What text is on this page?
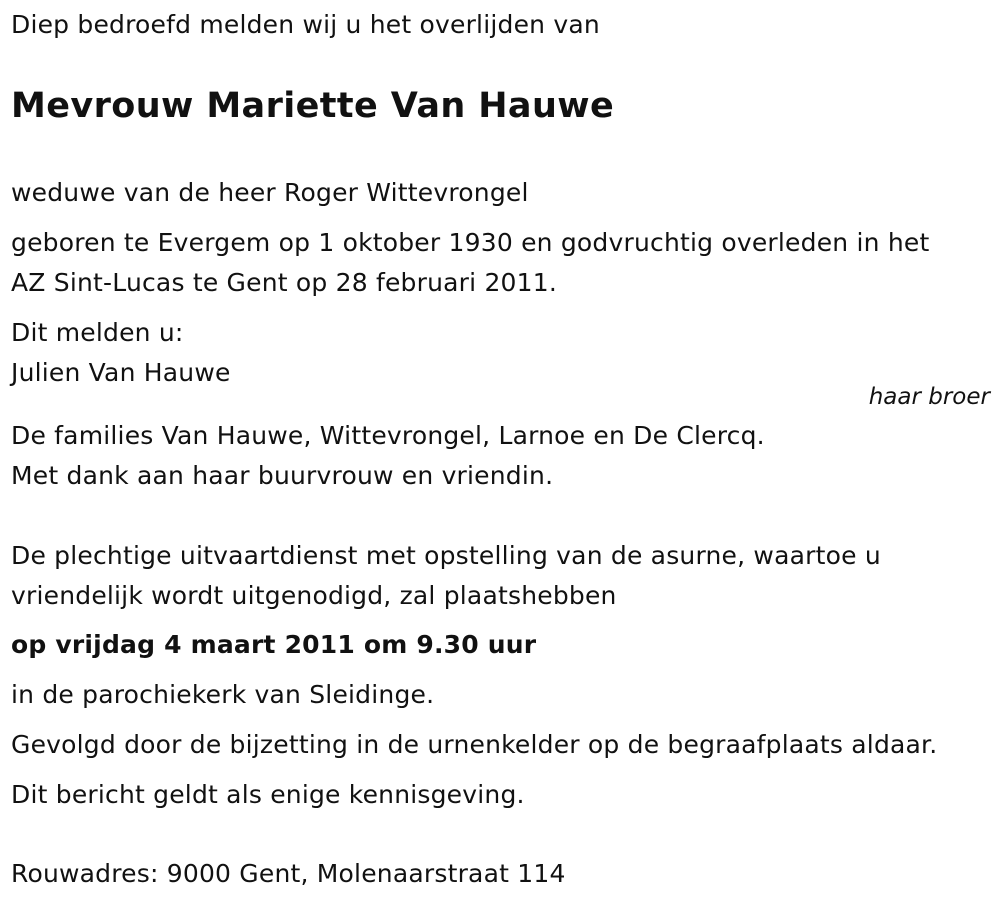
Diep bedroefd melden wij u het overlijden van
Mevrouw Mariette Van Hauwe
weduwe van de heer Roger Wittevrongel
geboren te Evergem op 1 oktober 1930 en godvruchtig overleden in het
AZ Sint-Lucas te Gent op 28 februari 2011.
Dit melden u:
Julien Van Hauwe
haar broer
De families Van Hauwe, Wittevrongel, Larnoe en De Clercq.
Met dank aan haar buurvrouw en vriendin.
De plechtige uitvaartdienst met opstelling van de asurne, waartoe u
vriendelijk wordt uitgenodigd, zal plaatshebben
op vrijdag 4 maart 2011 om 9.30 uur
in de parochiekerk van Sleidinge.
Gevolgd door de bijzetting in de urnenkelder op de begraafplaats aldaar.
Dit bericht geldt als enige kennisgeving.
Rouwadres: 9000 Gent, Molenaarstraat 114
